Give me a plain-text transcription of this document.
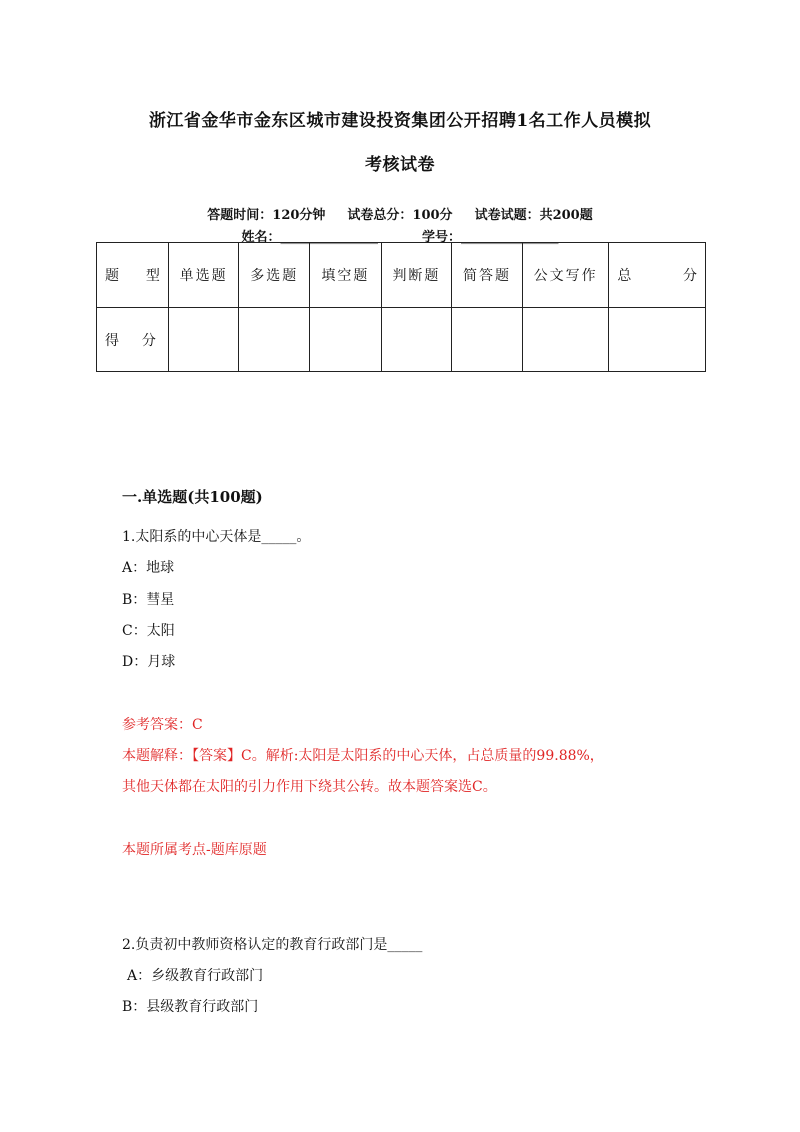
浙江省金华市金东区城市建设投资集团公开招聘1名工作人员模拟
考核试卷
答题时间：120分钟 试卷总分：100分 试卷试题：共200题
姓名：_______________	学号：_______________
题 型	单选题	多选题	填空题	判断题	简答题	公文写作	总 分

得 分							

一.单选题(共100题)
1.太阳系的中心天体是_____。
A：地球
B：彗星
C：太阳
D：月球
参考答案：C
本题解释：【答案】C。解析:太阳是太阳系的中心天体，占总质量的99.88%，
其他天体都在太阳的引力作用下绕其公转。故本题答案选C。
本题所属考点-题库原题
2.负责初中教师资格认定的教育行政部门是_____
A：乡级教育行政部门
B：县级教育行政部门
